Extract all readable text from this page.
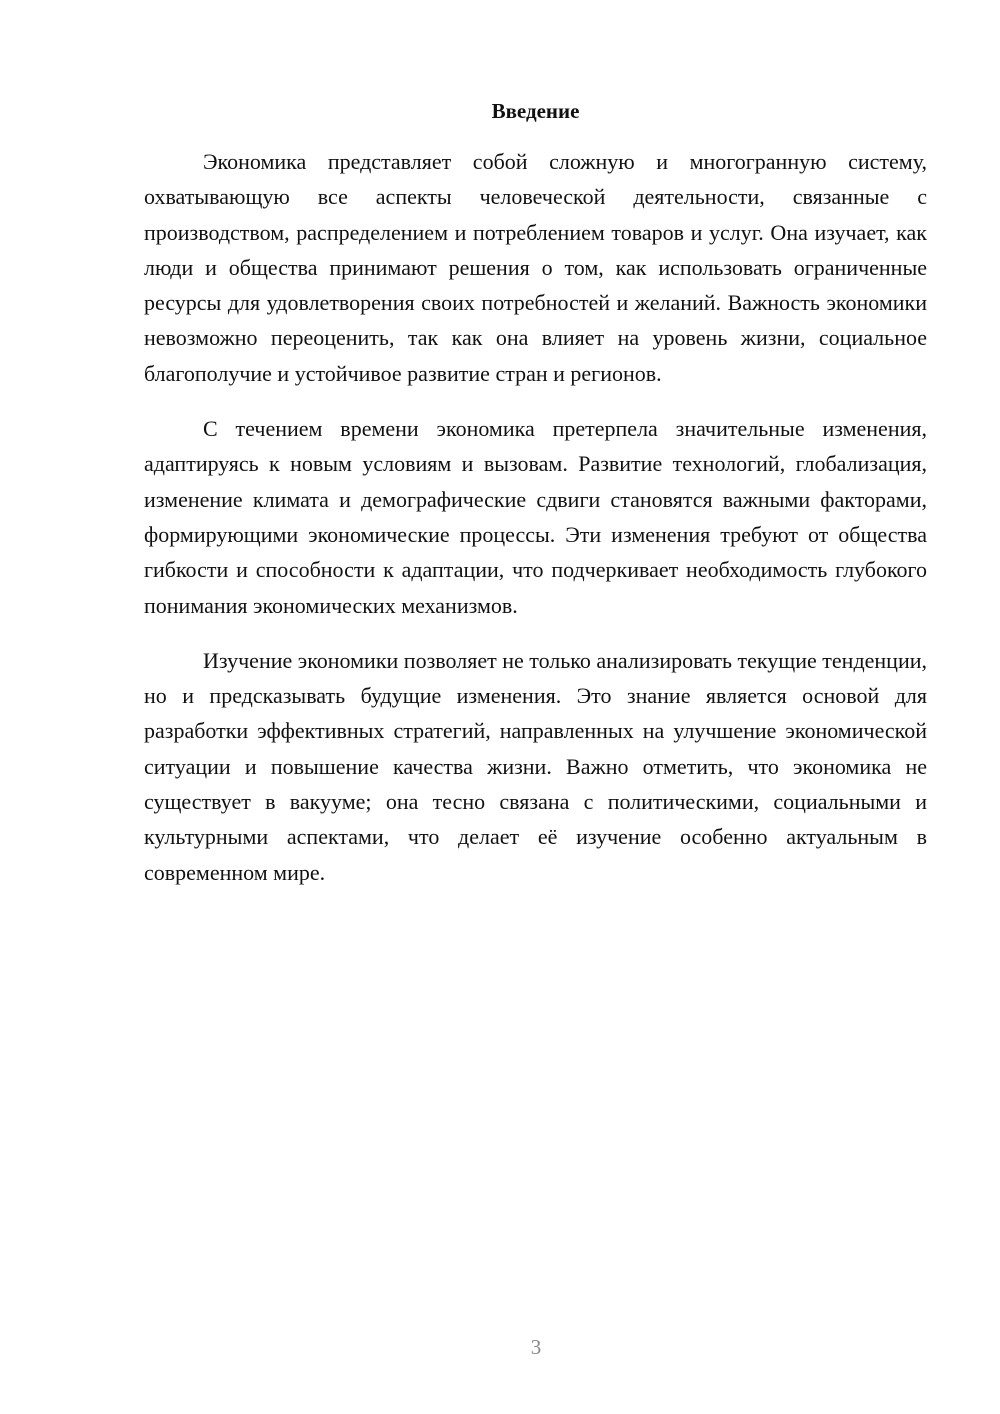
Введение

Экономика представляет собой сложную и многогранную систему, охватывающую все аспекты человеческой деятельности, связанные с производством, распределением и потреблением товаров и услуг. Она изучает, как люди и общества принимают решения о том, как использовать ограниченные ресурсы для удовлетворения своих потребностей и желаний. Важность экономики невозможно переоценить, так как она влияет на уровень жизни, социальное благополучие и устойчивое развитие стран и регионов.

С течением времени экономика претерпела значительные изменения, адаптируясь к новым условиям и вызовам. Развитие технологий, глобализация, изменение климата и демографические сдвиги становятся важными факторами, формирующими экономические процессы. Эти изменения требуют от общества гибкости и способности к адаптации, что подчеркивает необходимость глубокого понимания экономических механизмов.

Изучение экономики позволяет не только анализировать текущие тенденции, но и предсказывать будущие изменения. Это знание является основой для разработки эффективных стратегий, направленных на улучшение экономической ситуации и повышение качества жизни. Важно отметить, что экономика не существует в вакууме; она тесно связана с политическими, социальными и культурными аспектами, что делает её изучение особенно актуальным в современном мире.

3
